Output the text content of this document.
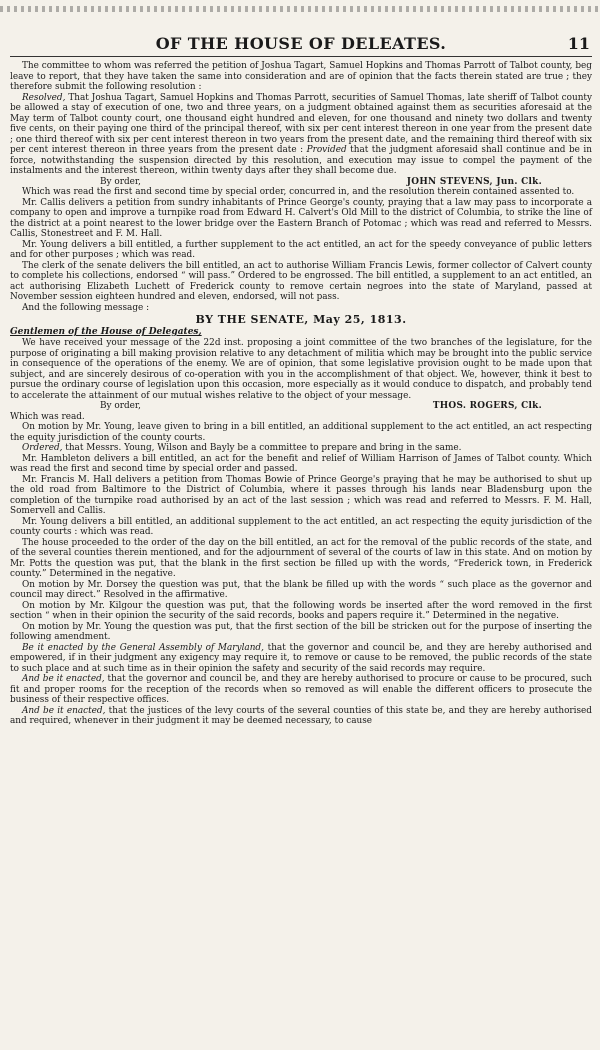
OF THE HOUSE OF DELEATES.	11

The committee to whom was referred the petition of Joshua Tagart, Samuel Hopkins and Thomas Parrott of Talbot county, beg leave to report, that they have taken the same into consideration and are of opinion that the facts therein stated are true ; they therefore submit the following resolution :

Resolved, That Joshua Tagart, Samuel Hopkins and Thomas Parrott, securities of Samuel Thomas, late sheriff of Talbot county be allowed a stay of execution of one, two and three years, on a judgment obtained against them as securities aforesaid at the May term of Talbot county court, one thousand eight hundred and eleven, for one thousand and ninety two dollars and twenty five cents, on their paying one third of the principal thereof, with six per cent interest thereon in one year from the present date ; one third thereof with six per cent interest thereon in two years from the present date, and the remaining third thereof with six per cent interest thereon in three years from the present date : Provided that the judgment aforesaid shall continue and be in force, notwithstanding the suspension directed by this resolution, and execution may issue to compel the payment of the instalments and the interest thereon, within twenty days after they shall become due.

By order,	JOHN STEVENS, Jun. Clk.

Which was read the first and second time by special order, concurred in, and the resolution therein contained assented to.

Mr. Callis delivers a petition from sundry inhabitants of Prince George's county, praying that a law may pass to incorporate a company to open and improve a turnpike road from Edward H. Calvert's Old Mill to the district of Columbia, to strike the line of the district at a point nearest to the lower bridge over the Eastern Branch of Potomac ; which was read and referred to Messrs. Callis, Stonestreet and F. M. Hall.

Mr. Young delivers a bill entitled, a further supplement to the act entitled, an act for the speedy conveyance of public letters and for other purposes ; which was read.

The clerk of the senate delivers the bill entitled, an act to authorise William Francis Lewis, former collector of Calvert county to complete his collections, endorsed “ will pass.” Ordered to be engrossed. The bill entitled, a supplement to an act entitled, an act authorising Elizabeth Luchett of Frederick county to remove certain negroes into the state of Maryland, passed at November session eighteen hundred and eleven, endorsed, will not pass.

And the following message :

BY THE SENATE, May 25, 1813.
Gentlemen of the House of Delegates,

We have received your message of the 22d inst. proposing a joint committee of the two branches of the legislature, for the purpose of originating a bill making provision relative to any detachment of militia which may be brought into the public service in consequence of the operations of the enemy. We are of opinion, that some legislative provision ought to be made upon that subject, and are sincerely desirous of co-operation with you in the accomplishment of that object. We, however, think it best to pursue the ordinary course of legislation upon this occasion, more especially as it would conduce to dispatch, and probably tend to accelerate the attainment of our mutual wishes relative to the object of your message.

By order,	THOS. ROGERS, Clk.

Which was read.

On motion by Mr. Young, leave given to bring in a bill entitled, an additional supplement to the act entitled, an act respecting the equity jurisdiction of the county courts.

Ordered, that Messrs. Young, Wilson and Bayly be a committee to prepare and bring in the same.

Mr. Hambleton delivers a bill entitled, an act for the benefit and relief of William Harrison of James of Talbot county. Which was read the first and second time by special order and passed.

Mr. Francis M. Hall delivers a petition from Thomas Bowie of Prince George's praying that he may be authorised to shut up the old road from Baltimore to the District of Columbia, where it passes through his lands near Bladensburg upon the completion of the turnpike road authorised by an act of the last session ; which was read and referred to Messrs. F. M. Hall, Somervell and Callis.

Mr. Young delivers a bill entitled, an additional supplement to the act entitled, an act respecting the equity jurisdiction of the county courts : which was read.

The house proceeded to the order of the day on the bill entitled, an act for the removal of the public records of the state, and of the several counties therein mentioned, and for the adjournment of several of the courts of law in this state. And on motion by Mr. Potts the question was put, that the blank in the first section be filled up with the words, “Frederick town, in Frederick county.” Determined in the negative.

On motion by Mr. Dorsey the question was put, that the blank be filled up with the words “ such place as the governor and council may direct.” Resolved in the affirmative.

On motion by Mr. Kilgour the question was put, that the following words be inserted after the word removed in the first section “ when in their opinion the security of the said records, books and papers require it.” Determined in the negative.

On motion by Mr. Young the question was put, that the first section of the bill be stricken out for the purpose of inserting the following amendment.

Be it enacted by the General Assembly of Maryland, that the governor and council be, and they are hereby authorised and empowered, if in their judgment any exigency may require it, to remove or cause to be removed, the public records of the state to such place and at such time as in their opinion the safety and security of the said records may require.

And be it enacted, that the governor and council be, and they are hereby authorised to procure or cause to be procured, such fit and proper rooms for the reception of the records when so removed as will enable the different officers to prosecute the business of their respective offices.

And be it enacted, that the justices of the levy courts of the several counties of this state be, and they are hereby authorised and required, whenever in their judgment it may be deemed necessary, to cause
